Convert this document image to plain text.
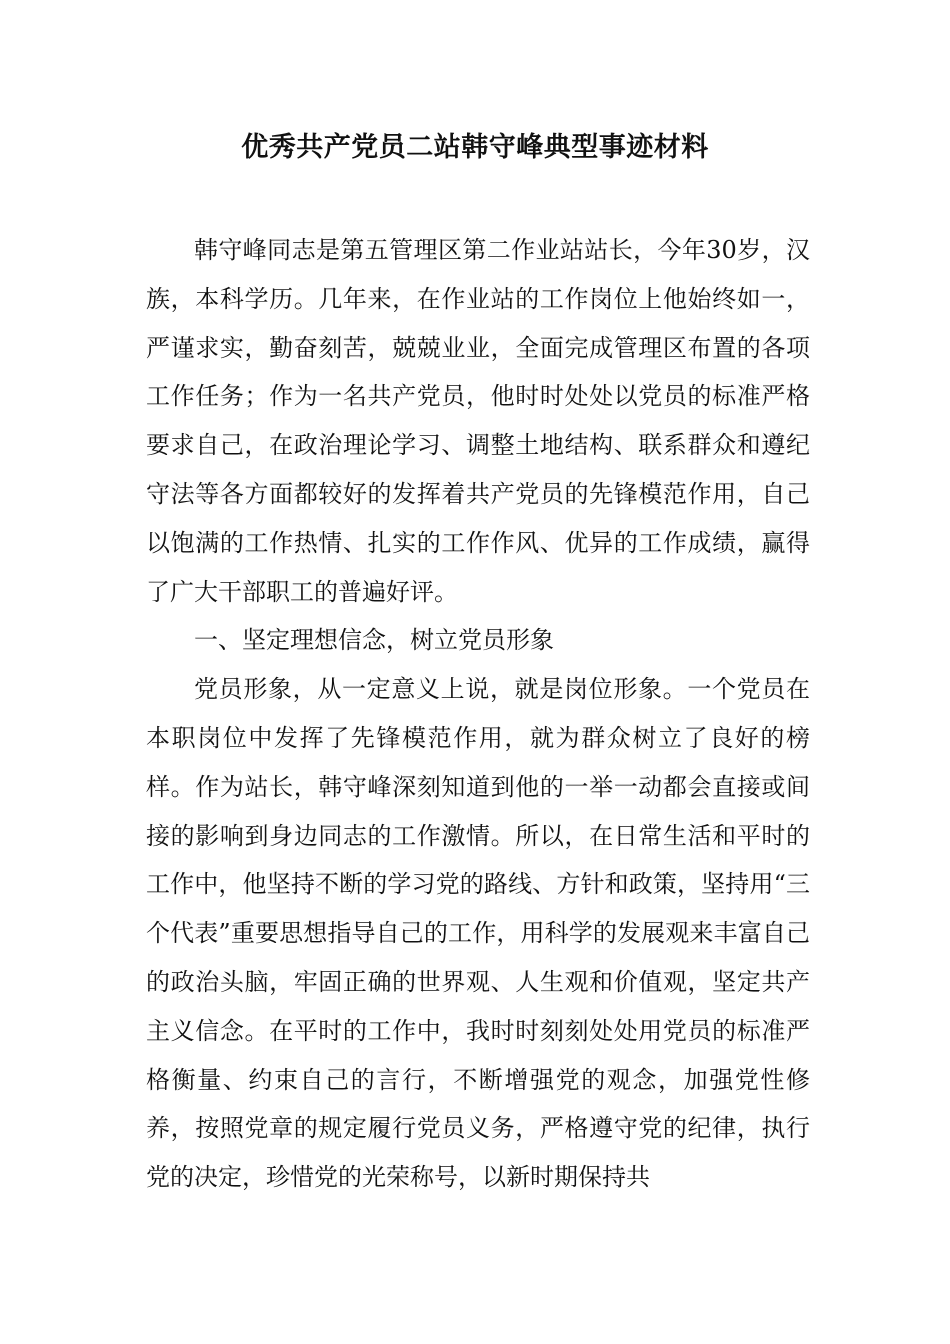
优秀共产党员二站韩守峰典型事迹材料

韩守峰同志是第五管理区第二作业站站长，今年30岁，汉族，本科学历。几年来，在作业站的工作岗位上他始终如一，严谨求实，勤奋刻苦，兢兢业业，全面完成管理区布置的各项工作任务；作为一名共产党员，他时时处处以党员的标准严格要求自己，在政治理论学习、调整土地结构、联系群众和遵纪守法等各方面都较好的发挥着共产党员的先锋模范作用，自己以饱满的工作热情、扎实的工作作风、优异的工作成绩，赢得了广大干部职工的普遍好评。

一、坚定理想信念，树立党员形象

党员形象，从一定意义上说，就是岗位形象。一个党员在本职岗位中发挥了先锋模范作用，就为群众树立了良好的榜样。作为站长，韩守峰深刻知道到他的一举一动都会直接或间接的影响到身边同志的工作激情。所以，在日常生活和平时的工作中，他坚持不断的学习党的路线、方针和政策，坚持用“三个代表”重要思想指导自己的工作，用科学的发展观来丰富自己的政治头脑，牢固正确的世界观、人生观和价值观，坚定共产主义信念。在平时的工作中，我时时刻刻处处用党员的标准严格衡量、约束自己的言行，不断增强党的观念，加强党性修养，按照党章的规定履行党员义务，严格遵守党的纪律，执行党的决定，珍惜党的光荣称号，以新时期保持共
